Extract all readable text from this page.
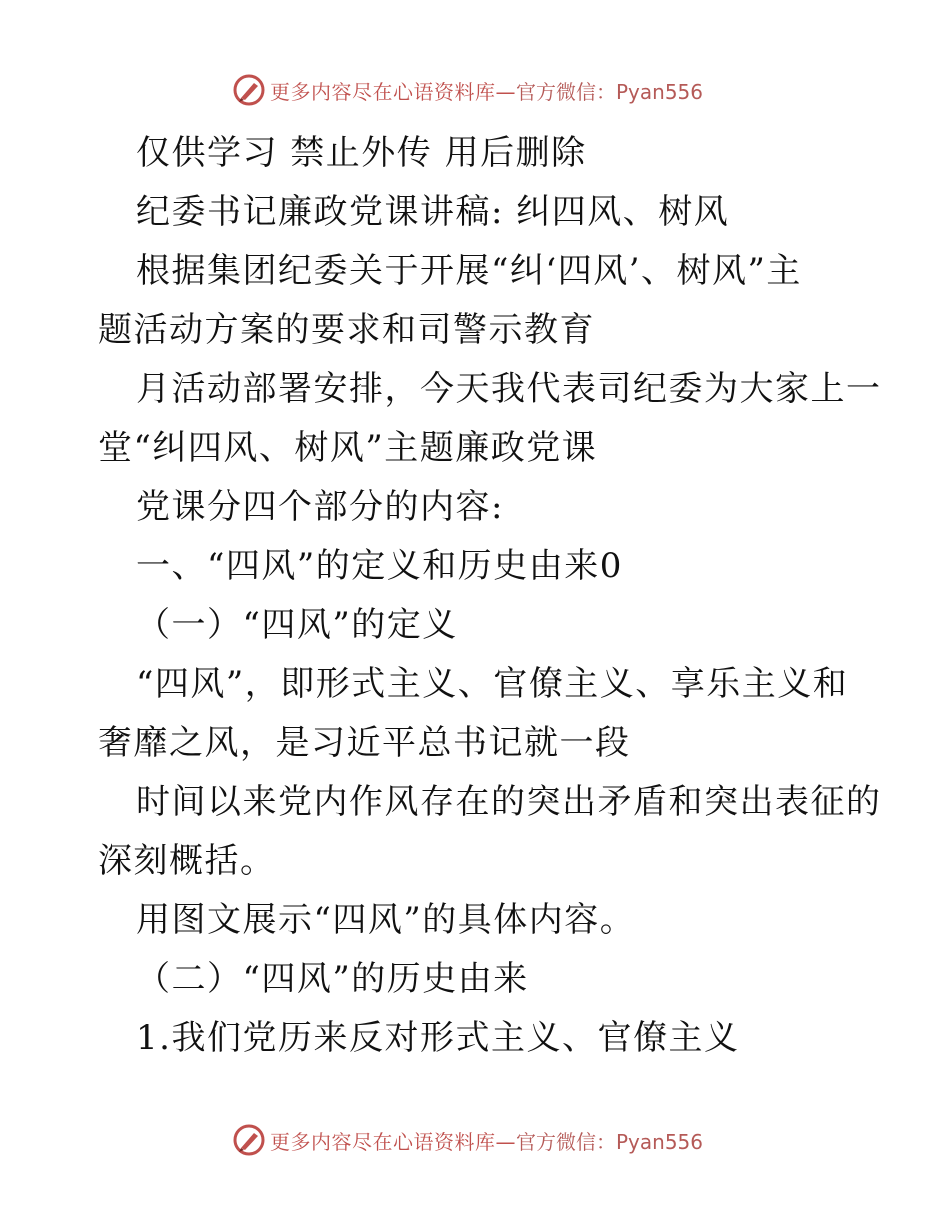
更多内容尽在心语资料库— 官方微信：Pyan556

仅供学习 禁止外传 用后删除

纪委书记廉政党课讲稿: 纠四风、树风

根据集团纪委关于开展“纠‘四风’、树风”主

题活动方案的要求和司警示教育

月活动部署安排，今天我代表司纪委为大家上一

堂“纠四风、树风”主题廉政党课

党课分四个部分的内容:

一、“四风”的定义和历史由来0

（一）“四风”的定义

“四风”，即形式主义、官僚主义、享乐主义和

奢靡之风，是习近平总书记就一段

时间以来党内作风存在的突出矛盾和突出表征的

深刻概括。

用图文展示“四风”的具体内容。

（二）“四风”的历史由来

1.我们党历来反对形式主义、官僚主义

更多内容尽在心语资料库— 官方微信：Pyan556
